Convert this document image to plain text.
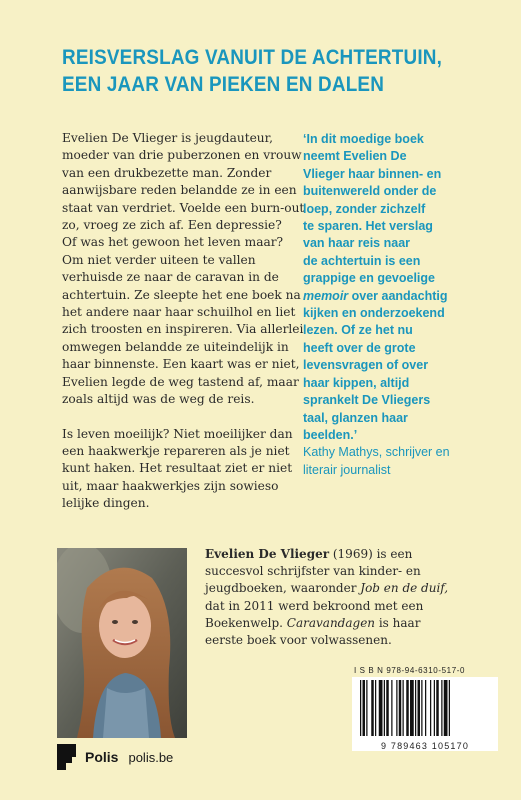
REISVERSLAG VANUIT DE ACHTERTUIN,
EEN JAAR VAN PIEKEN EN DALEN

Evelien De Vlieger is jeugdauteur,
moeder van drie puberzonen en vrouw
van een drukbezette man. Zonder
aanwijsbare reden belandde ze in een
staat van verdriet. Voelde een burn-out
zo, vroeg ze zich af. Een depressie?
Of was het gewoon het leven maar?
Om niet verder uiteen te vallen
verhuisde ze naar de caravan in de
achtertuin. Ze sleepte het ene boek na
het andere naar haar schuilhol en liet
zich troosten en inspireren. Via allerlei
omwegen belandde ze uiteindelijk in
haar binnenste. Een kaart was er niet,
Evelien legde de weg tastend af, maar
zoals altijd was de weg de reis.

Is leven moeilijk? Niet moeilijker dan
een haakwerkje repareren als je niet
kunt haken. Het resultaat ziet er niet
uit, maar haakwerkjes zijn sowieso
lelijke dingen.

‘In dit moedige boek
neemt Evelien De
Vlieger haar binnen- en
buitenwereld onder de
loep, zonder zichzelf
te sparen. Het verslag
van haar reis naar
de achtertuin is een
grappige en gevoelige
memoir over aandachtig
kijken en onderzoekend
lezen. Of ze het nu
heeft over de grote
levensvragen of over
haar kippen, altijd
sprankelt De Vliegers
taal, glanzen haar
beelden.’
Kathy Mathys, schrijver en
literair journalist
Evelien De Vlieger (1969) is een
succesvol schrijfster van kinder- en
jeugdboeken, waaronder Job en de duif,
dat in 2011 werd bekroond met een
Boekenwelp. Caravandagen is haar
eerste boek voor volwassenen.
I S B N 978-94-6310-517-0
9 789463 105170
Polis polis.be
